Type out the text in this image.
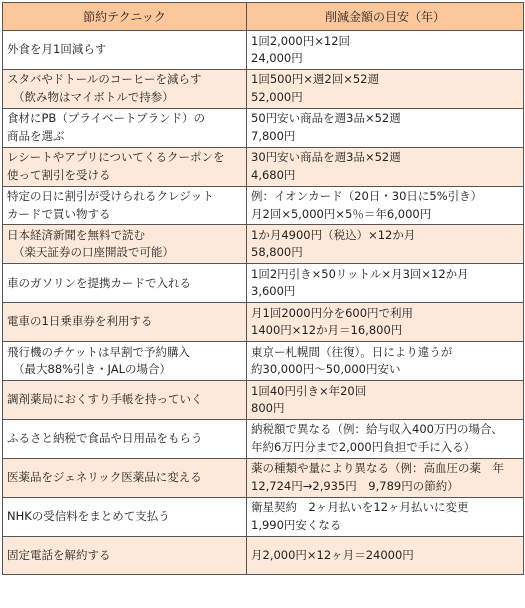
節約テクニック	削減金額の目安（年）

外食を月1回減らす	1回2,000円×12回
24,000円

スタバやドトールのコーヒーを減らす
（飲み物はマイボトルで持参）	1回500円×週2回×52週
52,000円

食材にPB（プライベートブランド）の
商品を選ぶ	50円安い商品を週3品×52週
7,800円

レシートやアプリについてくるクーポンを
使って割引を受ける	30円安い商品を週3品×52週
4,680円

特定の日に割引が受けられるクレジット
カードで買い物する	例：イオンカード（20日・30日に5%引き）
月2回×5,000円×5％＝年6,000円

日本経済新聞を無料で読む
（楽天証券の口座開設で可能）	1か月4900円（税込）×12か月
58,800円

車のガソリンを提携カードで入れる	1回2円引き×50リットル×月3回×12か月
3,600円

電車の1日乗車券を利用する	月1回2000円分を600円で利用
1400円×12か月＝16,800円

飛行機のチケットは早割で予約購入
（最大88%引き・JALの場合）	東京ー札幌間（往復）。日により違うが
約30,000円～50,000円安い

調剤薬局におくすり手帳を持っていく	1回40円引き×年20回
800円

ふるさと納税で食品や日用品をもらう	納税額で異なる（例：給与収入400万円の場合、
年約6万円分まで2,000円負担で手に入る）

医薬品をジェネリック医薬品に変える	薬の種類や量により異なる（例：高血圧の薬　年
12,724円→2,935円　9,789円の節約）

NHKの受信料をまとめて支払う	衛星契約　2ヶ月払いを12ヶ月払いに変更
1,990円安くなる

固定電話を解約する	月2,000円×12ヶ月＝24000円
